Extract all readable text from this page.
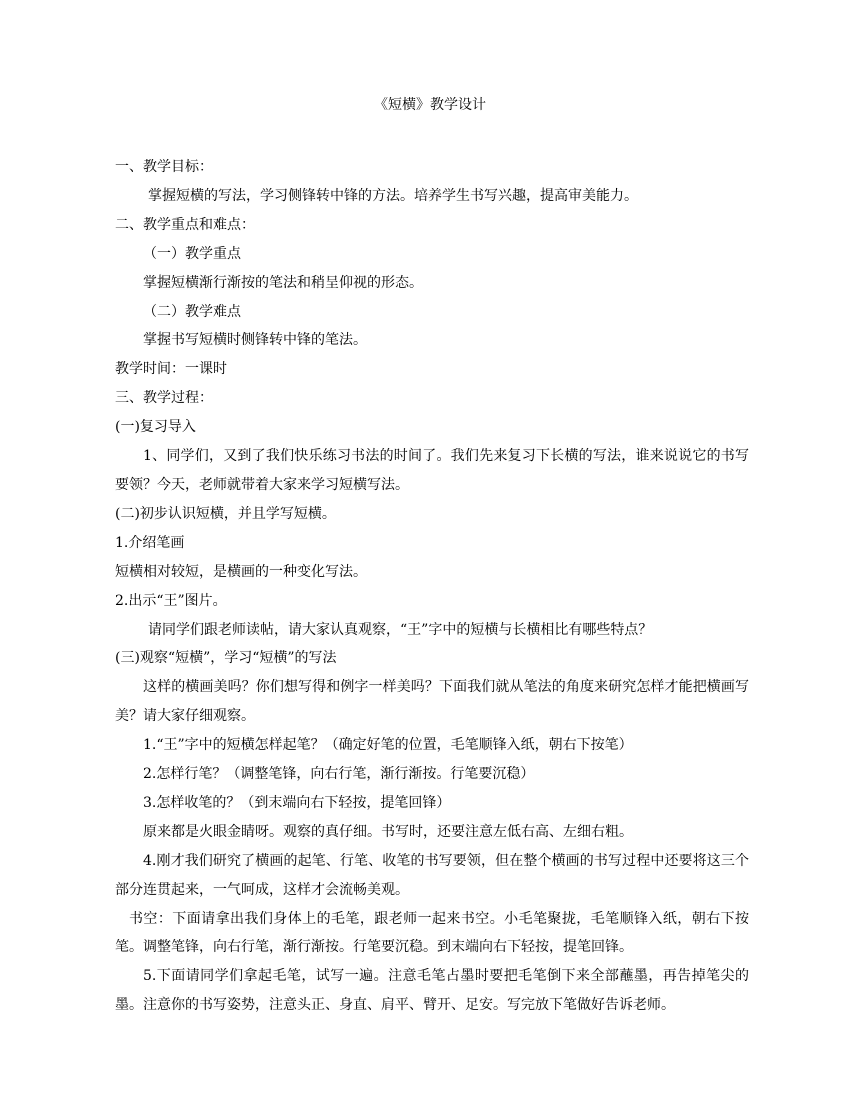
《短横》教学设计

一、教学目标：

掌握短横的写法，学习侧锋转中锋的方法。培养学生书写兴趣，提高审美能力。

二、教学重点和难点：

（一）教学重点

掌握短横渐行渐按的笔法和稍呈仰视的形态。

（二）教学难点

掌握书写短横时侧锋转中锋的笔法。

教学时间：一课时

三、教学过程：

(一)复习导入

1、同学们，又到了我们快乐练习书法的时间了。我们先来复习下长横的写法，谁来说说它的书写要领？今天，老师就带着大家来学习短横写法。

(二)初步认识短横，并且学写短横。

1.介绍笔画

短横相对较短，是横画的一种变化写法。

2.出示“王”图片。

请同学们跟老师读帖，请大家认真观察，“王”字中的短横与长横相比有哪些特点？

(三)观察“短横”，学习“短横”的写法

这样的横画美吗？你们想写得和例字一样美吗？下面我们就从笔法的角度来研究怎样才能把横画写美？请大家仔细观察。

1.“王”字中的短横怎样起笔？（确定好笔的位置，毛笔顺锋入纸，朝右下按笔）

2.怎样行笔？（调整笔锋，向右行笔，渐行渐按。行笔要沉稳）

3.怎样收笔的？（到末端向右下轻按，提笔回锋）

原来都是火眼金睛呀。观察的真仔细。书写时，还要注意左低右高、左细右粗。

4.刚才我们研究了横画的起笔、行笔、收笔的书写要领，但在整个横画的书写过程中还要将这三个部分连贯起来，一气呵成，这样才会流畅美观。

书空：下面请拿出我们身体上的毛笔，跟老师一起来书空。小毛笔聚拢，毛笔顺锋入纸，朝右下按笔。调整笔锋，向右行笔，渐行渐按。行笔要沉稳。到末端向右下轻按，提笔回锋。

5.下面请同学们拿起毛笔，试写一遍。注意毛笔占墨时要把毛笔倒下来全部蘸墨，再告掉笔尖的墨。注意你的书写姿势，注意头正、身直、肩平、臂开、足安。写完放下笔做好告诉老师。
